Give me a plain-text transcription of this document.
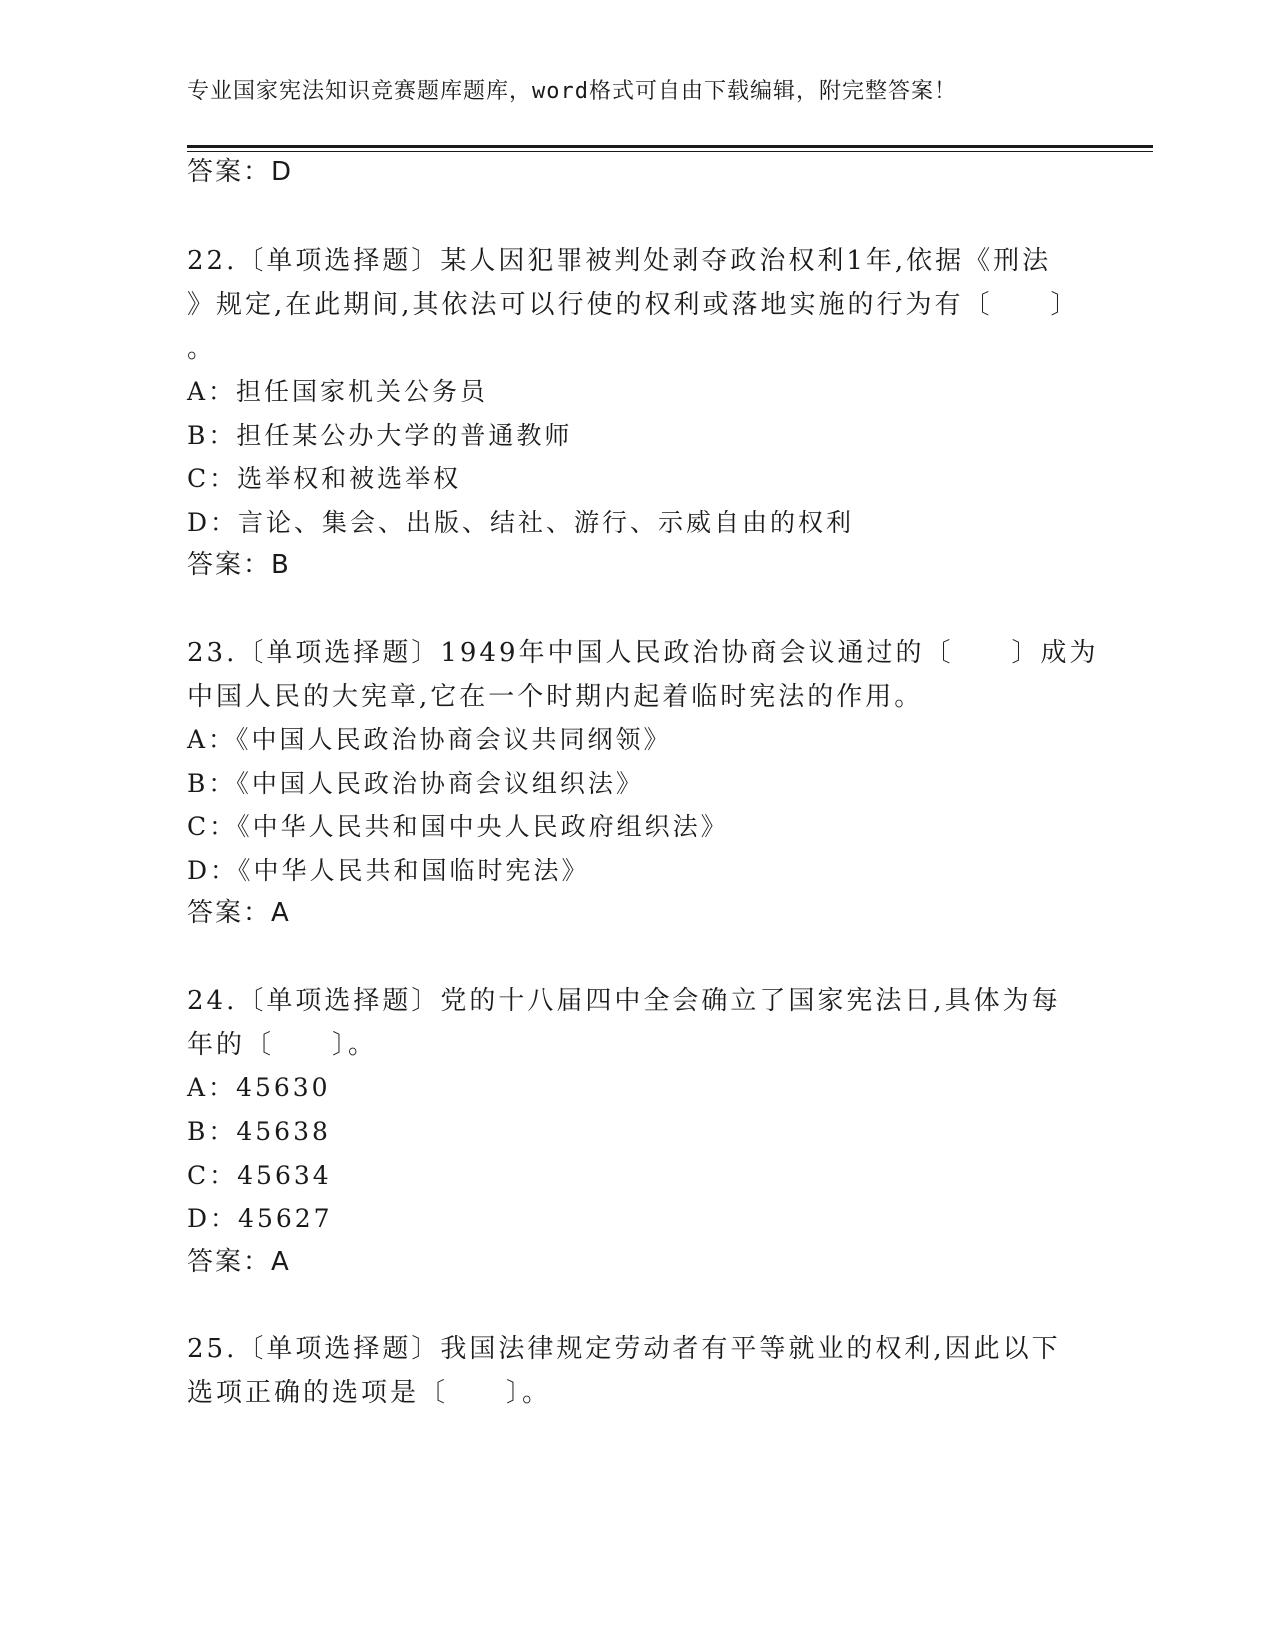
专业国家宪法知识竞赛题库题库，word格式可自由下载编辑，附完整答案！
答案：D
22.〔单项选择题〕某人因犯罪被判处剥夺政治权利1年,依据《刑法
》规定,在此期间,其依法可以行使的权利或落地实施的行为有〔　　〕
。
A：担任国家机关公务员
B：担任某公办大学的普通教师
C：选举权和被选举权
D：言论、集会、出版、结社、游行、示威自由的权利
答案：B
23.〔单项选择题〕1949年中国人民政治协商会议通过的〔　　〕成为
中国人民的大宪章,它在一个时期内起着临时宪法的作用。
A：《中国人民政治协商会议共同纲领》
B：《中国人民政治协商会议组织法》
C：《中华人民共和国中央人民政府组织法》
D：《中华人民共和国临时宪法》
答案：A
24.〔单项选择题〕党的十八届四中全会确立了国家宪法日,具体为每
年的〔　　〕。
A：45630
B：45638
C：45634
D：45627
答案：A
25.〔单项选择题〕我国法律规定劳动者有平等就业的权利,因此以下
选项正确的选项是〔　　〕。
